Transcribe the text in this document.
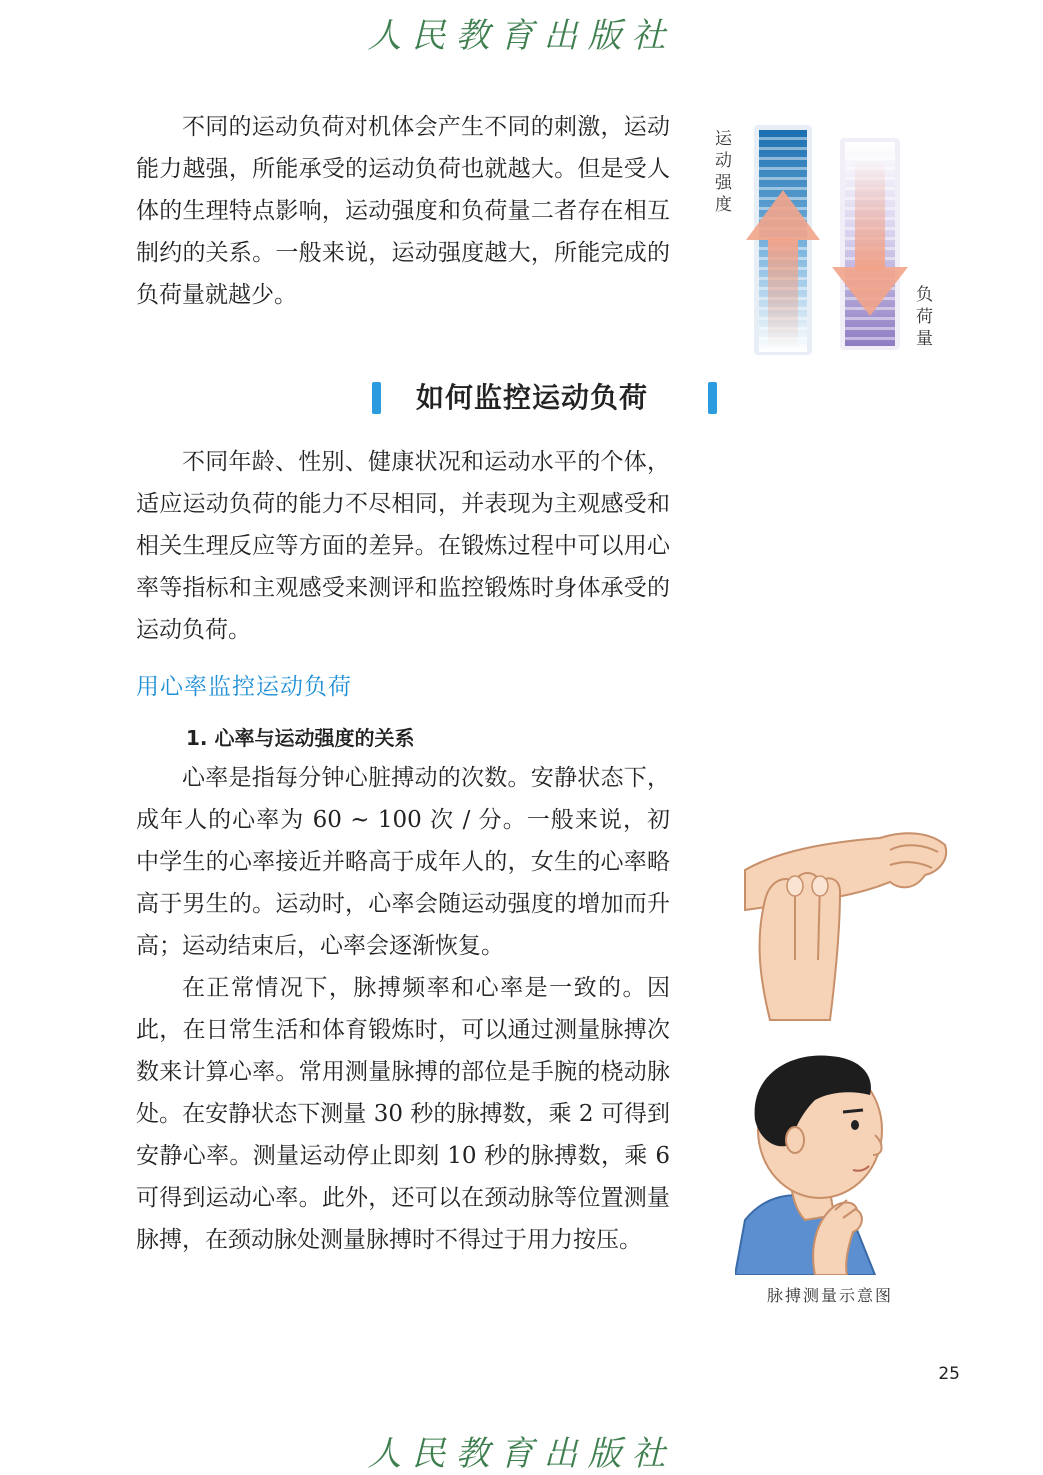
人民教育出版社

不同的运动负荷对机体会产生不同的刺激，运动能力越强，所能承受的运动负荷也就越大。但是受人体的生理特点影响，运动强度和负荷量二者存在相互制约的关系。一般来说，运动强度越大，所能完成的负荷量就越少。

运动强度
负荷量
如何监控运动负荷

不同年龄、性别、健康状况和运动水平的个体，适应运动负荷的能力不尽相同，并表现为主观感受和相关生理反应等方面的差异。在锻炼过程中可以用心率等指标和主观感受来测评和监控锻炼时身体承受的运动负荷。

用心率监控运动负荷
1. 心率与运动强度的关系

心率是指每分钟心脏搏动的次数。安静状态下，成年人的心率为 60 ~ 100 次 / 分。一般来说，初中学生的心率接近并略高于成年人的，女生的心率略高于男生的。运动时，心率会随运动强度的增加而升高；运动结束后，心率会逐渐恢复。

在正常情况下，脉搏频率和心率是一致的。因此，在日常生活和体育锻炼时，可以通过测量脉搏次数来计算心率。常用测量脉搏的部位是手腕的桡动脉处。在安静状态下测量 30 秒的脉搏数，乘 2 可得到安静心率。测量运动停止即刻 10 秒的脉搏数，乘 6 可得到运动心率。此外，还可以在颈动脉等位置测量脉搏，在颈动脉处测量脉搏时不得过于用力按压。

脉搏测量示意图
25
人民教育出版社
